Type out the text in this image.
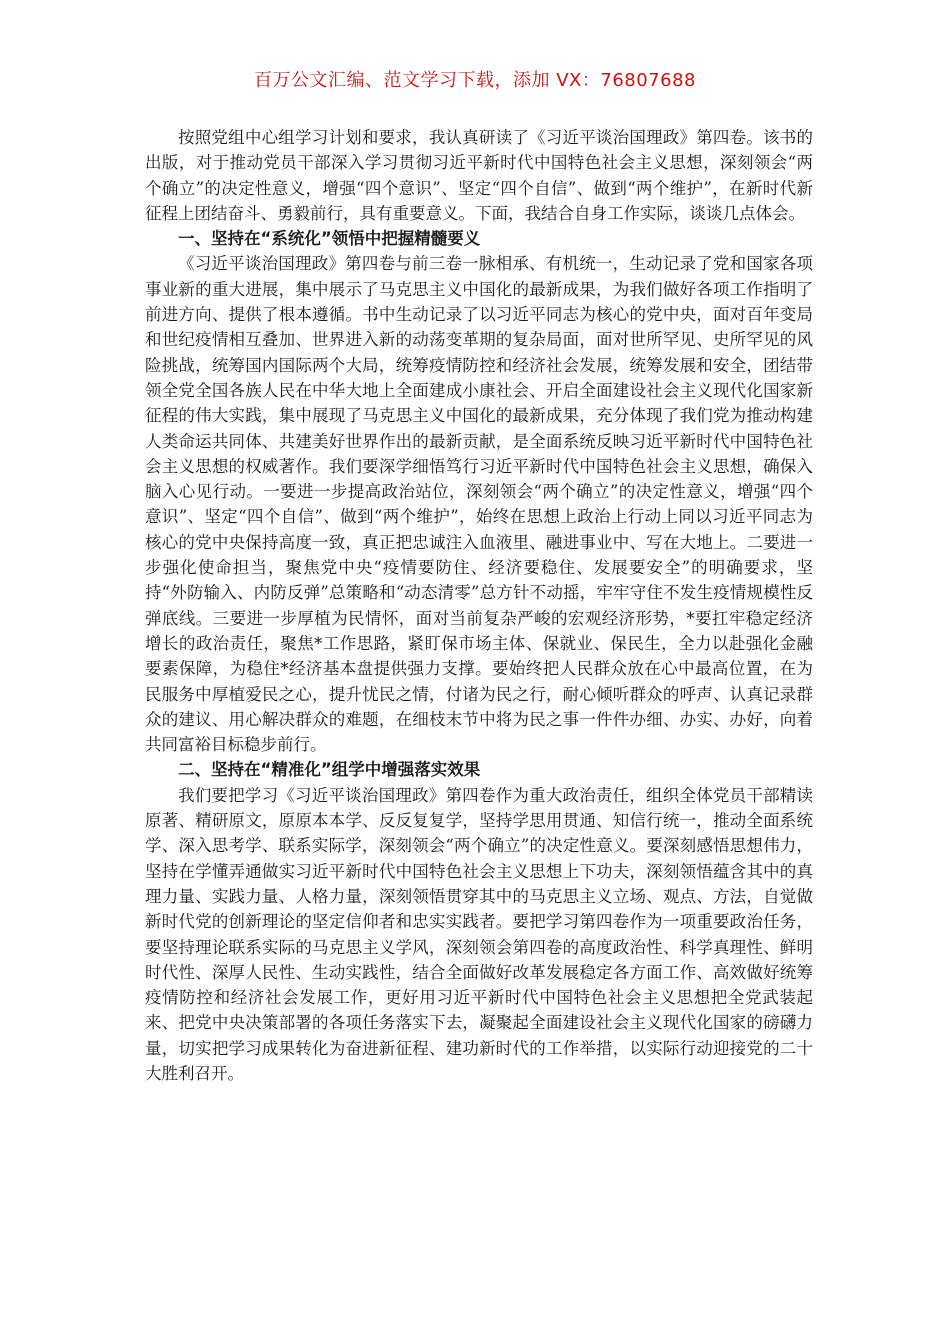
百万公文汇编、范文学习下载，添加 VX：76807688

按照党组中心组学习计划和要求，我认真研读了《习近平谈治国理政》第四卷。该书的出版，对于推动党员干部深入学习贯彻习近平新时代中国特色社会主义思想，深刻领会“两个确立”的决定性意义，增强“四个意识”、坚定“四个自信”、做到“两个维护”，在新时代新征程上团结奋斗、勇毅前行，具有重要意义。下面，我结合自身工作实际，谈谈几点体会。

一、坚持在“系统化”领悟中把握精髓要义

《习近平谈治国理政》第四卷与前三卷一脉相承、有机统一，生动记录了党和国家各项事业新的重大进展，集中展示了马克思主义中国化的最新成果，为我们做好各项工作指明了前进方向、提供了根本遵循。书中生动记录了以习近平同志为核心的党中央，面对百年变局和世纪疫情相互叠加、世界进入新的动荡变革期的复杂局面，面对世所罕见、史所罕见的风险挑战，统筹国内国际两个大局，统筹疫情防控和经济社会发展，统筹发展和安全，团结带领全党全国各族人民在中华大地上全面建成小康社会、开启全面建设社会主义现代化国家新征程的伟大实践，集中展现了马克思主义中国化的最新成果，充分体现了我们党为推动构建人类命运共同体、共建美好世界作出的最新贡献，是全面系统反映习近平新时代中国特色社会主义思想的权威著作。我们要深学细悟笃行习近平新时代中国特色社会主义思想，确保入脑入心见行动。一要进一步提高政治站位，深刻领会“两个确立”的决定性意义，增强“四个意识”、坚定“四个自信”、做到“两个维护”，始终在思想上政治上行动上同以习近平同志为核心的党中央保持高度一致，真正把忠诚注入血液里、融进事业中、写在大地上。二要进一步强化使命担当，聚焦党中央“疫情要防住、经济要稳住、发展要安全”的明确要求，坚持“外防输入、内防反弹”总策略和“动态清零”总方针不动摇，牢牢守住不发生疫情规模性反弹底线。三要进一步厚植为民情怀，面对当前复杂严峻的宏观经济形势，*要扛牢稳定经济增长的政治责任，聚焦*工作思路，紧盯保市场主体、保就业、保民生，全力以赴强化金融要素保障，为稳住*经济基本盘提供强力支撑。要始终把人民群众放在心中最高位置，在为民服务中厚植爱民之心，提升忧民之情，付诸为民之行，耐心倾听群众的呼声、认真记录群众的建议、用心解决群众的难题，在细枝末节中将为民之事一件件办细、办实、办好，向着共同富裕目标稳步前行。

二、坚持在“精准化”组学中增强落实效果

我们要把学习《习近平谈治国理政》第四卷作为重大政治责任，组织全体党员干部精读原著、精研原文，原原本本学、反反复复学，坚持学思用贯通、知信行统一，推动全面系统学、深入思考学、联系实际学，深刻领会“两个确立”的决定性意义。要深刻感悟思想伟力，坚持在学懂弄通做实习近平新时代中国特色社会主义思想上下功夫，深刻领悟蕴含其中的真理力量、实践力量、人格力量，深刻领悟贯穿其中的马克思主义立场、观点、方法，自觉做新时代党的创新理论的坚定信仰者和忠实实践者。要把学习第四卷作为一项重要政治任务，要坚持理论联系实际的马克思主义学风，深刻领会第四卷的高度政治性、科学真理性、鲜明时代性、深厚人民性、生动实践性，结合全面做好改革发展稳定各方面工作、高效做好统筹疫情防控和经济社会发展工作，更好用习近平新时代中国特色社会主义思想把全党武装起来、把党中央决策部署的各项任务落实下去，凝聚起全面建设社会主义现代化国家的磅礴力量，切实把学习成果转化为奋进新征程、建功新时代的工作举措，以实际行动迎接党的二十大胜利召开。
